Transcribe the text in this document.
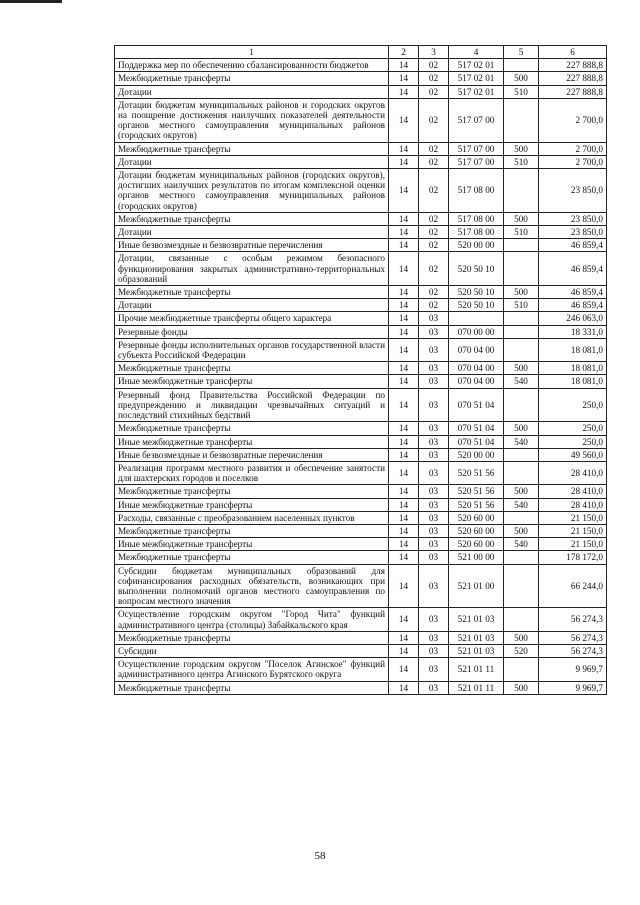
1	2	3	4	5	6
Поддержка мер по обеспечению сбалансированности бюджетов	14	02	517 02 01		227 888,8
Межбюджетные трансферты	14	02	517 02 01	500	227 888,8
Дотации	14	02	517 02 01	510	227 888,8
Дотации бюджетам муниципальных районов и городских округов на поощрение достижения наилучших показателей деятельности органов местного самоуправления муниципальных районов (городских округов)	14	02	517 07 00		2 700,0
Межбюджетные трансферты	14	02	517 07 00	500	2 700,0
Дотации	14	02	517 07 00	510	2 700,0
Дотации бюджетам муниципальных районов (городских округов), достигших наилучших результатов по итогам комплексной оценки органов местного самоуправления муниципальных районов (городских округов)	14	02	517 08 00		23 850,0
Межбюджетные трансферты	14	02	517 08 00	500	23 850,0
Дотации	14	02	517 08 00	510	23 850,0
Иные безвозмездные и безвозвратные перечисления	14	02	520 00 00		46 859,4
Дотации, связанные с особым режимом безопасного функционирования закрытых административно-территориальных образований	14	02	520 50 10		46 859,4
Межбюджетные трансферты	14	02	520 50 10	500	46 859,4
Дотации	14	02	520 50 10	510	46 859,4
Прочие межбюджетные трансферты общего характера	14	03			246 063,0
Резервные фонды	14	03	070 00 00		18 331,0
Резервные фонды исполнительных органов государственной власти субъекта Российской Федерации	14	03	070 04 00		18 081,0
Межбюджетные трансферты	14	03	070 04 00	500	18 081,0
Иные межбюджетные трансферты	14	03	070 04 00	540	18 081,0
Резервный фонд Правительства Российской Федерации по предупреждению и ликвидации чрезвычайных ситуаций и последствий стихийных бедствий	14	03	070 51 04		250,0
Межбюджетные трансферты	14	03	070 51 04	500	250,0
Иные межбюджетные трансферты	14	03	070 51 04	540	250,0
Иные безвозмездные и безвозвратные перечисления	14	03	520 00 00		49 560,0
Реализация программ местного развития и обеспечение занятости для шахтерских городов и поселков	14	03	520 51 56		28 410,0
Межбюджетные трансферты	14	03	520 51 56	500	28 410,0
Иные межбюджетные трансферты	14	03	520 51 56	540	28 410,0
Расходы, связанные с преобразованием населенных пунктов	14	03	520 60 00		21 150,0
Межбюджетные трансферты	14	03	520 60 00	500	21 150,0
Иные межбюджетные трансферты	14	03	520 60 00	540	21 150,0
Межбюджетные трансферты	14	03	521 00 00		178 172,0
Субсидии бюджетам муниципальных образований для софинансирования расходных обязательств, возникающих при выполнении полномочий органов местного самоуправления по вопросам местного значения	14	03	521 01 00		66 244,0
Осуществление городским округом "Город Чита" функций административного центра (столицы) Забайкальского края	14	03	521 01 03		56 274,3
Межбюджетные трансферты	14	03	521 01 03	500	56 274,3
Субсидии	14	03	521 01 03	520	56 274,3
Осуществление городским округом "Поселок Агинское" функций административного центра Агинского Бурятского округа	14	03	521 01 11		9 969,7
Межбюджетные трансферты	14	03	521 01 11	500	9 969,7
58
